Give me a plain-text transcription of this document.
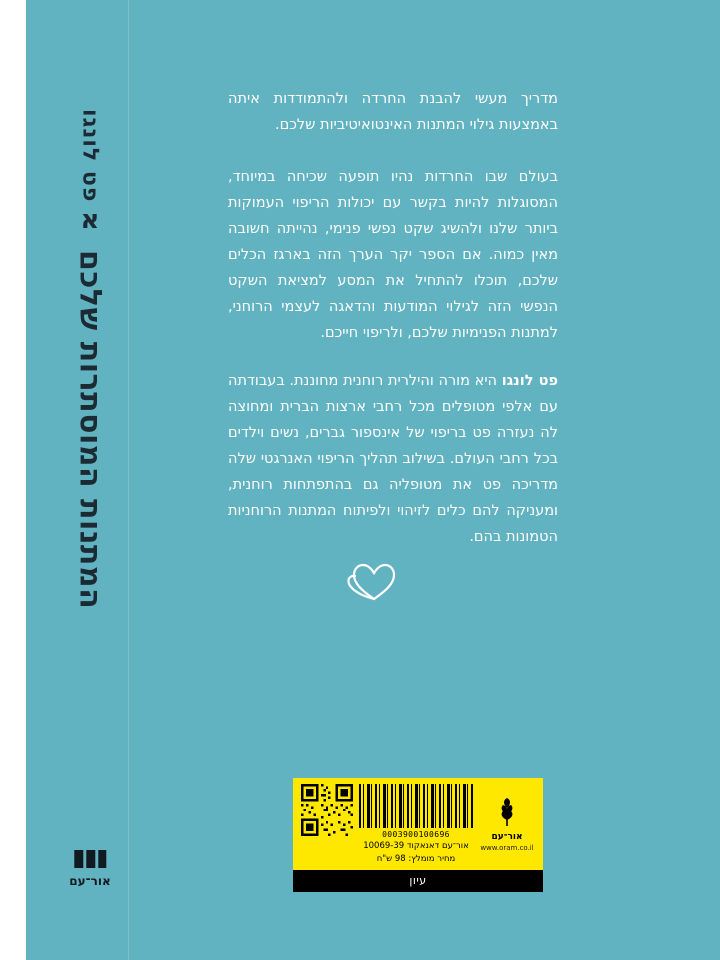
פט לונגו
א
המתנות המוסתרות שלכם
אור־עם

מדריך מעשי להבנת החרדה ולהתמודדות איתה באמצעות גילוי המתנות האינטואיטיביות שלכם.

בעולם שבו החרדות נהיו תופעה שכיחה במיוחד, המסוגלות להיות בקשר עם יכולות הריפוי העמוקות ביותר שלנו ולהשיג שקט נפשי פנימי, נהייתה חשובה מאין כמוה. אם הספר יקר הערך הזה בארגז הכלים שלכם, תוכלו להתחיל את המסע למציאת השקט הנפשי הזה לגילוי המודעות והדאגה לעצמי הרוחני, למתנות הפנימיות שלכם, ולריפוי חייכם.

פט לונגו היא מורה והילרית רוחנית מחוננת. בעבודתה עם אלפי מטופלים מכל רחבי ארצות הברית ומחוצה לה נעזרה פט בריפוי של אינספור גברים, נשים וילדים בכל רחבי העולם. בשילוב תהליך הריפוי האנרגטי שלה מדריכה פט את מטופליה גם בהתפתחות רוחנית, ומעניקה להם כלים לזיהוי ולפיתוח המתנות הרוחניות הטמונות בהם.

אור־עם
www.oram.co.il
0003900100696
אור־עם דאנאקוד 10069-39
מחיר מומלץ: 98 ש"ח
עיון
